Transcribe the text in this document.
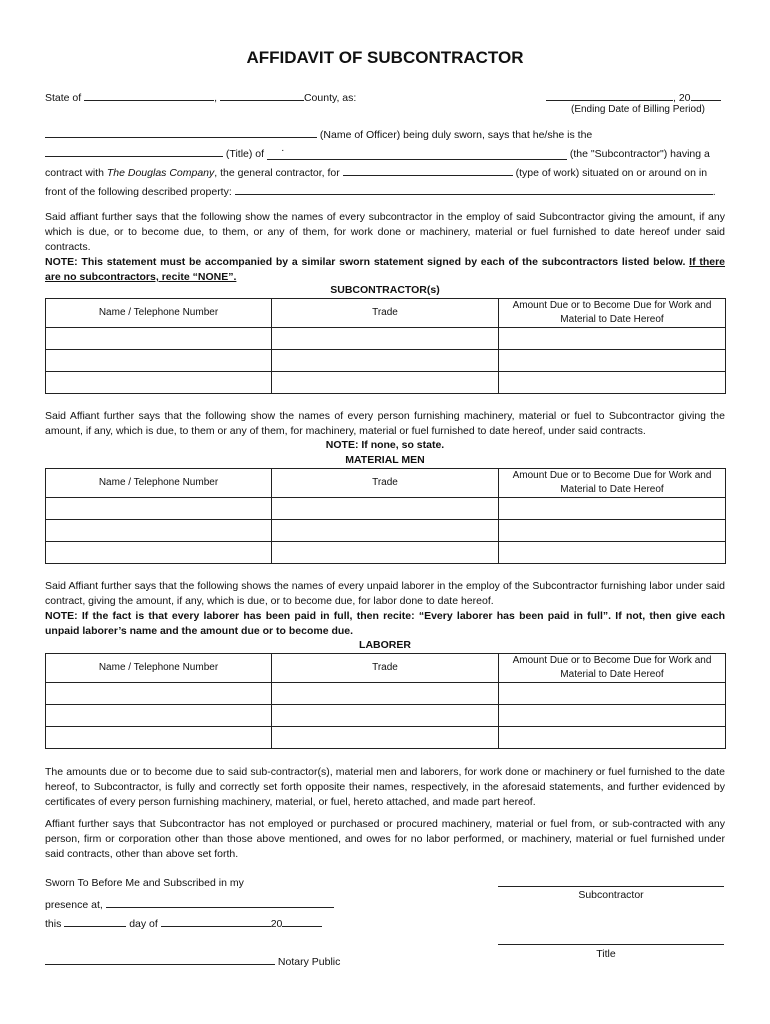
AFFIDAVIT OF SUBCONTRACTOR
State of	,	County, as:	, 20
(Ending Date of Billing Period)
(Name of Officer) being duly sworn, says that he/she is the
(Title) of ·	(the "Subcontractor") having a
contract with The Douglas Company, the general contractor, for	(type of work) situated on or around on in
front of the following described property:	.
Said affiant further says that the following show the names of every subcontractor in the employ of said Subcontractor giving the amount, if any which is due, or to become due, to them, or any of them, for work done or machinery, material or fuel furnished to date hereof under said contracts.
NOTE: This statement must be accompanied by a similar sworn statement signed by each of the subcontractors listed below. If there are no subcontractors, recite “NONE”.
SUBCONTRACTOR(s)
Name / Telephone Number	Trade	Amount Due or to Become Due for Work and
Material to Date Hereof

Said Affiant further says that the following show the names of every person furnishing machinery, material or fuel to Subcontractor giving the amount, if any, which is due, to them or any of them, for machinery, material or fuel furnished to date hereof, under said contracts.
NOTE: If none, so state.
MATERIAL MEN
Name / Telephone Number	Trade	Amount Due or to Become Due for Work and
Material to Date Hereof

Said Affiant further says that the following shows the names of every unpaid laborer in the employ of the Subcontractor furnishing labor under said contract, giving the amount, if any, which is due, or to become due, for labor done to date hereof.
NOTE: If the fact is that every laborer has been paid in full, then recite: “Every laborer has been paid in full”. If not, then give each unpaid laborer’s name and the amount due or to become due.
LABORER
Name / Telephone Number	Trade	Amount Due or to Become Due for Work and
Material to Date Hereof

The amounts due or to become due to said sub-contractor(s), material men and laborers, for work done or machinery or fuel furnished to the date hereof, to Subcontractor, is fully and correctly set forth opposite their names, respectively, in the aforesaid statements, and further evidenced by certificates of every person furnishing machinery, material, or fuel, hereto attached, and made part hereof.
Affiant further says that Subcontractor has not employed or purchased or procured machinery, material or fuel from, or sub-contracted with any person, firm or corporation other than those above mentioned, and owes for no labor performed, or machinery, material or fuel furnished under said contracts, other than above set forth.
Sworn To Before Me and Subscribed in my
presence at,
this	day of	20
Notary Public
Subcontractor
Title
